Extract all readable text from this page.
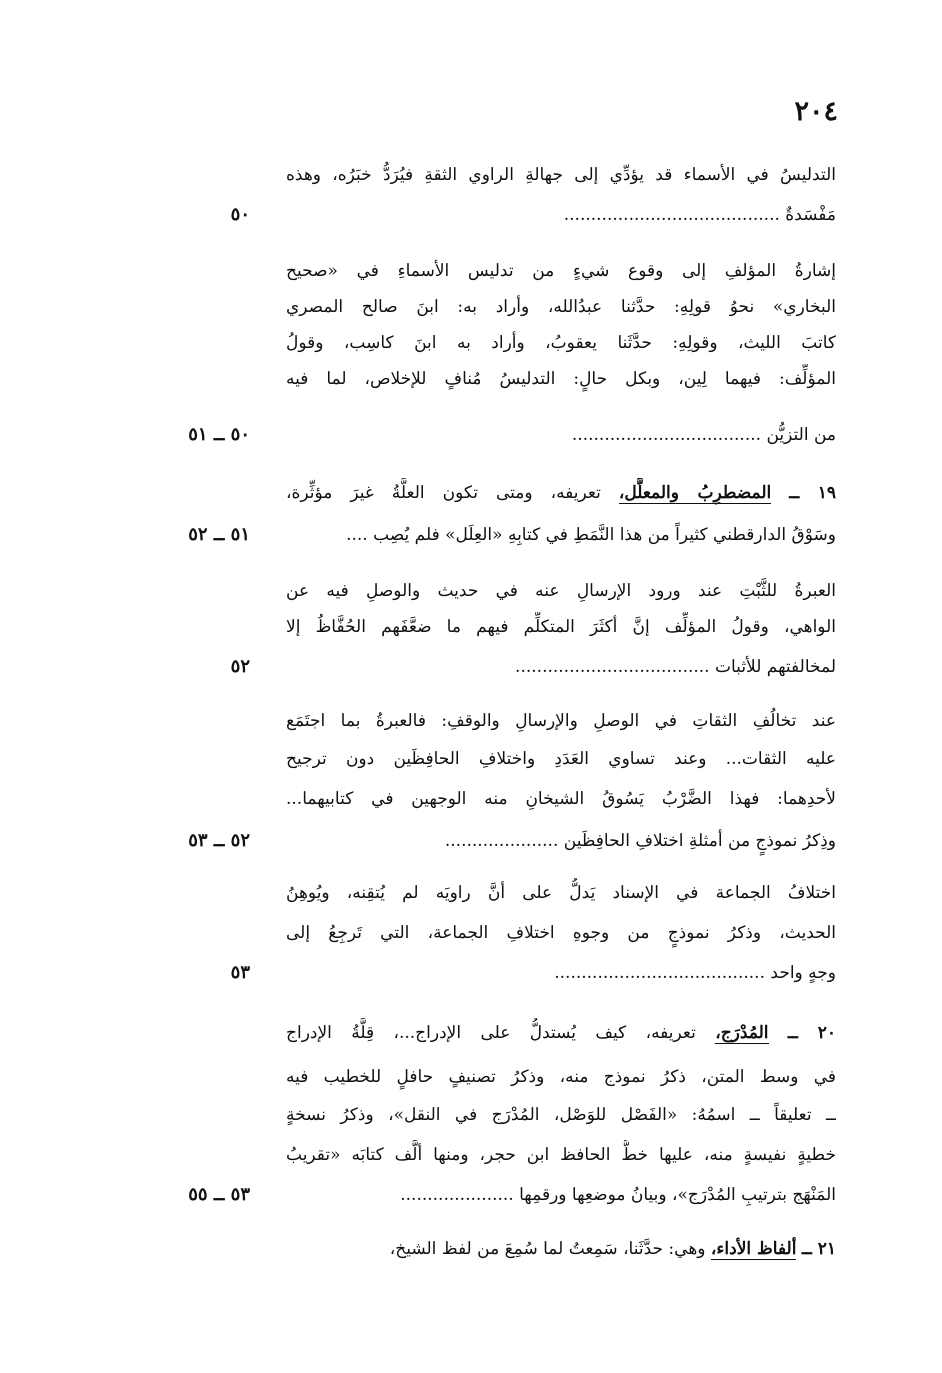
٢٠٤
التدليسُ في الأسماء قد يؤدِّي إلى جهالةِ الراوي الثقةِ فيُرَدُّ خبَرُه، وهذه
مَفْسَدةٌ ........................................
٥٠
إشارةُ المؤلفِ إلى وقوع شيءٍ من تدليس الأسماءِ في «صحيح
البخاري» نحوُ قولِهِ: حدَّثنا عبدُالله، وأراد به: ابنَ صالح المصري
كاتبَ الليث، وقولِهِ: حدَّثَنا يعقوبُ، وأراد به ابنَ كاسِب، وقولُ
المؤلِّف: فيهما لِين، وبكل حالٍ: التدليسُ مُنافٍ للإخلاص، لما فيه
من التزيُّن ...................................
٥٠ ــ ٥١
١٩ ــ المضطرِبُ والمعلَّل، تعريفه، ومتى تكون العلَّةُ غيرَ مؤثِّرة،
وسَوْقُ الدارقطني كثيراً من هذا النَّمَطِ في كتابِهِ «العِلَل» فلم يُصِب ....
٥١ ــ ٥٢
العبرةُ للثَّبْتِ عند ورود الإرسالِ عنه في حديث والوصلِ فيه عن
الواهي، وقولُ المؤلِّف إنَّ أكثَرَ المتكلِّم فيهم ما ضعَّفَهم الحُفَّاظُ إلا
لمخالفتهم للأثبات ....................................
٥٢
عند تخالُفِ الثقاتِ في الوصلِ والإرسالِ والوقفِ: فالعبرةُ بما اجتَمَع
عليه الثقات... وعند تساوي العَدَدِ واختلافِ الحافِظَين دون ترجيح
لأحدِهما: فهذا الضَّرْبُ يَسُوقُ الشيخانِ منه الوجهين في كتابيهما...
وذِكرُ نموذجٍ من أمثلةِ اختلافِ الحافِظَين .....................
٥٢ ــ ٥٣
اختلافُ الجماعة في الإسناد يَدلُّ على أنَّ راويَه لم يُتقِنه، ويُوهِنُ
الحديث، وذكرُ نموذجٍ من وجوهِ اختلافِ الجماعة، التي تَرجِعُ إلى
وجهٍ واحد .......................................
٥٣
٢٠ ــ المُدْرَج، تعريفه، كيف يُستدلُّ على الإدراج...، قِلَّةُ الإدراج
في وسط المتن، ذكرُ نموذج منه، وذكرُ تصنيفٍ حافلٍ للخطيب فيه
ــ تعليقاً ــ اسمُهُ: «الفَصْل للوَصْل، المُدْرَج في النقل»، وذكرُ نسخةٍ
خطيةٍ نفيسةٍ منه، عليها خطُّ الحافظ ابن حجر، ومنها ألَّف كتابَه «تقريبُ
المَنْهَج بترتيبِ المُدْرَج»، وبيانُ موضعِها ورقمِها .....................
٥٣ ــ ٥٥
٢١ ــ ألفاظ الأداء، وهي: حدَّثَنا، سَمِعتُ لما سُمِعَ من لفظ الشيخ،
